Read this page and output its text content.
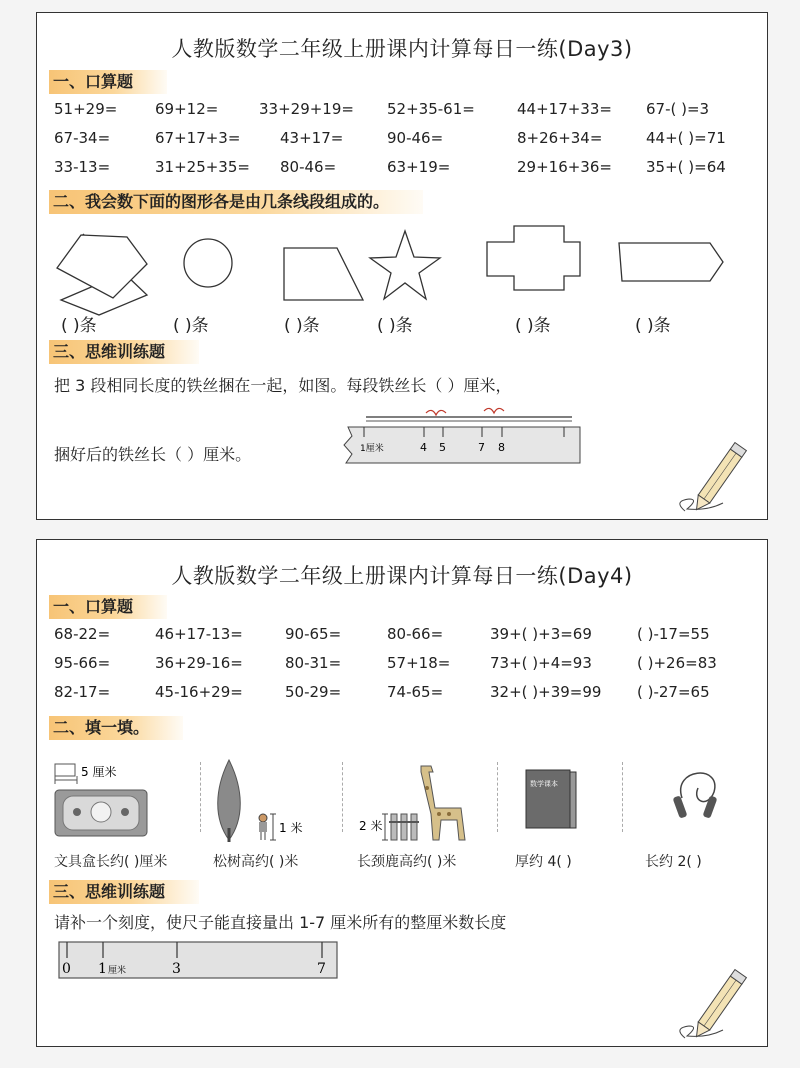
人教版数学二年级上册课内计算每日一练(Day3)
一、口算题
51+29=	69+12=	33+29+19= 52+35-61=	44+17+33= 67-( )=3
67-34=	67+17+3=	43+17=	90-46=	8+26+34=	44+( )=71
33-13=	31+25+35= 80-46=	63+19=	29+16+36= 35+( )=64
二、我会数下面的图形各是由几条线段组成的。
( )条	( )条	( )条	( )条	( )条	( )条
三、思维训练题
把 3 段相同长度的铁丝捆在一起，如图。每段铁丝长（ ）厘米，
捆好后的铁丝长（ ）厘米。	1厘米	4 5	7 8
人教版数学二年级上册课内计算每日一练(Day4)
一、口算题
68-22=	46+17-13=	90-65=	80-66=	39+( )+3=69	( )-17=55
95-66=	36+29-16=	80-31=	57+18=	73+( )+4=93	( )+26=83
82-17=	45-16+29=	50-29=	74-65=	32+( )+39=99 ( )-27=65
二、填一填。
5 厘米
1 米	2 米
数学课本
文具盒长约( )厘米	松树高约( )米	长颈鹿高约( )米	厚约 4( )	长约 2( )
三、思维训练题
请补一个刻度，使尺子能直接量出 1-7 厘米所有的整厘米数长度
0 1 厘米	3	7
